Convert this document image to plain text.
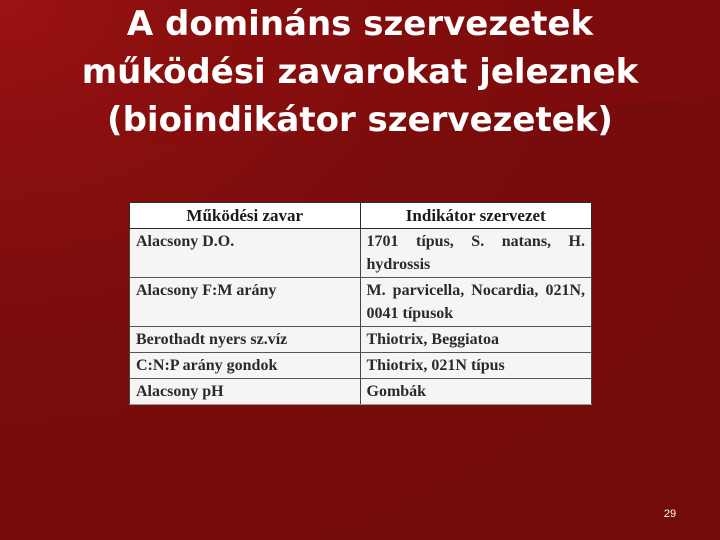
A domináns szervezetek
működési zavarokat jeleznek
(bioindikátor szervezetek)
Működési zavar	Indikátor szervezet
Alacsony D.O.	1701 típus, S. natans, H. hydrossis
Alacsony F:M arány	M. parvicella, Nocardia, 021N, 0041 típusok
Berothadt nyers sz.víz	Thiotrix, Beggiatoa
C:N:P arány gondok	Thiotrix, 021N típus
Alacsony pH	Gombák
29
